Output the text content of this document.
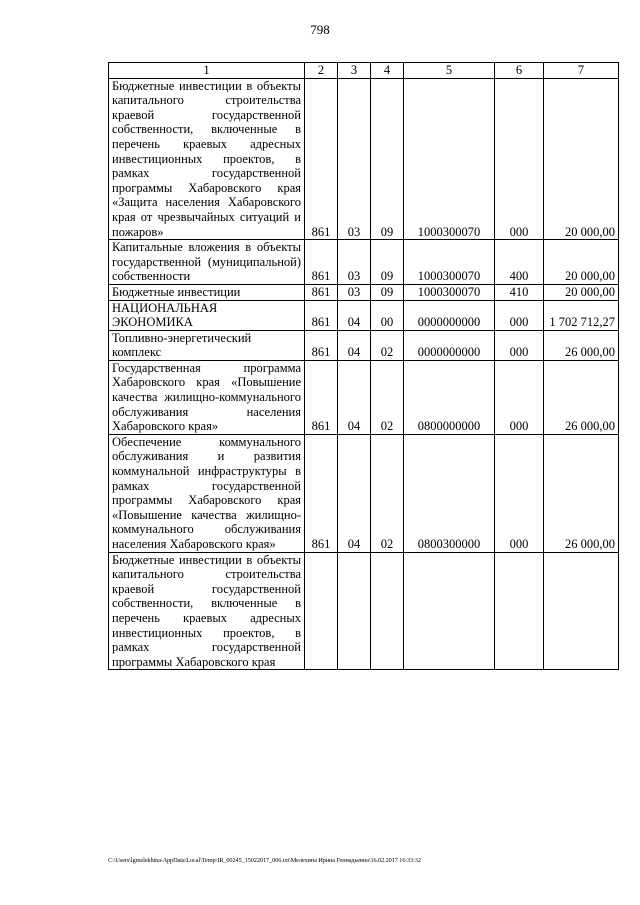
798
1	2	3	4	5	6	7
Бюджетные инвестиции в объекты капитального строительства краевой государственной собственности, включенные в перечень краевых адресных инвестиционных проектов, в рамках государственной программы Хабаровского края «Защита населения Хабаровского края от чрезвычайных ситуаций и пожаров»	861	03	09	1000300070	000	20 000,00
Капитальные вложения в объекты государственной (муниципальной) собственности	861	03	09	1000300070	400	20 000,00
Бюджетные инвестиции	861	03	09	1000300070	410	20 000,00
НАЦИОНАЛЬНАЯ ЭКОНОМИКА	861	04	00	0000000000	000	1 702 712,27
Топливно-энергетический комплекс	861	04	02	0000000000	000	26 000,00
Государственная программа Хабаровского края «Повышение качества жилищно-коммунального обслуживания населения Хабаровского края»	861	04	02	0800000000	000	26 000,00
Обеспечение коммунального обслуживания и развития коммунальной инфраструктуры в рамках государственной программы Хабаровского края «Повышение качества жилищно-коммунального обслуживания населения Хабаровского края»	861	04	02	0800300000	000	26 000,00
Бюджетные инвестиции в объекты капитального строительства краевой государственной собственности, включенные в перечень краевых адресных инвестиционных проектов, в рамках государственной программы Хабаровского края						
C:\Users\lgmelekhina\AppData\Local\Temp\IR_00245_15022017_006.txt\Мелехина Ирина Геннадьевна\16.02.2017 16:33:32
